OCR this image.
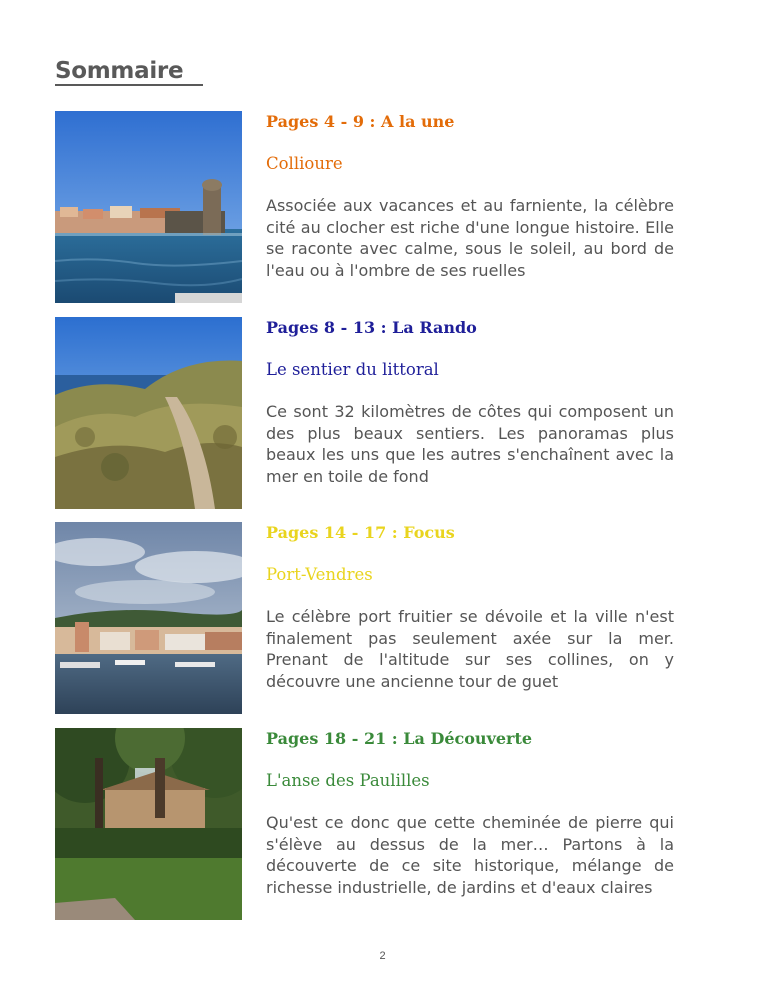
Sommaire
Pages 4 - 9 : A la une
Collioure
Associée aux vacances et au farniente, la célèbre cité au clocher est riche d'une longue histoire. Elle se raconte avec calme, sous le soleil, au bord de l'eau ou à l'ombre de ses ruelles
Pages 8 - 13 : La Rando
Le sentier du littoral
Ce sont 32 kilomètres de côtes qui composent un des plus beaux sentiers. Les panoramas plus beaux les uns que les autres s'enchaînent avec la mer en toile de fond
Pages 14 - 17 : Focus
Port-Vendres
Le célèbre port fruitier se dévoile et la ville n'est finalement pas seulement axée sur la mer. Prenant de l'altitude sur ses collines, on y découvre une ancienne tour de guet
Pages 18 - 21 : La Découverte
L'anse des Paulilles
Qu'est ce donc que cette cheminée de pierre qui s'élève au dessus de la mer… Partons à la découverte de ce site historique, mélange de richesse industrielle, de jardins et d'eaux claires
2
